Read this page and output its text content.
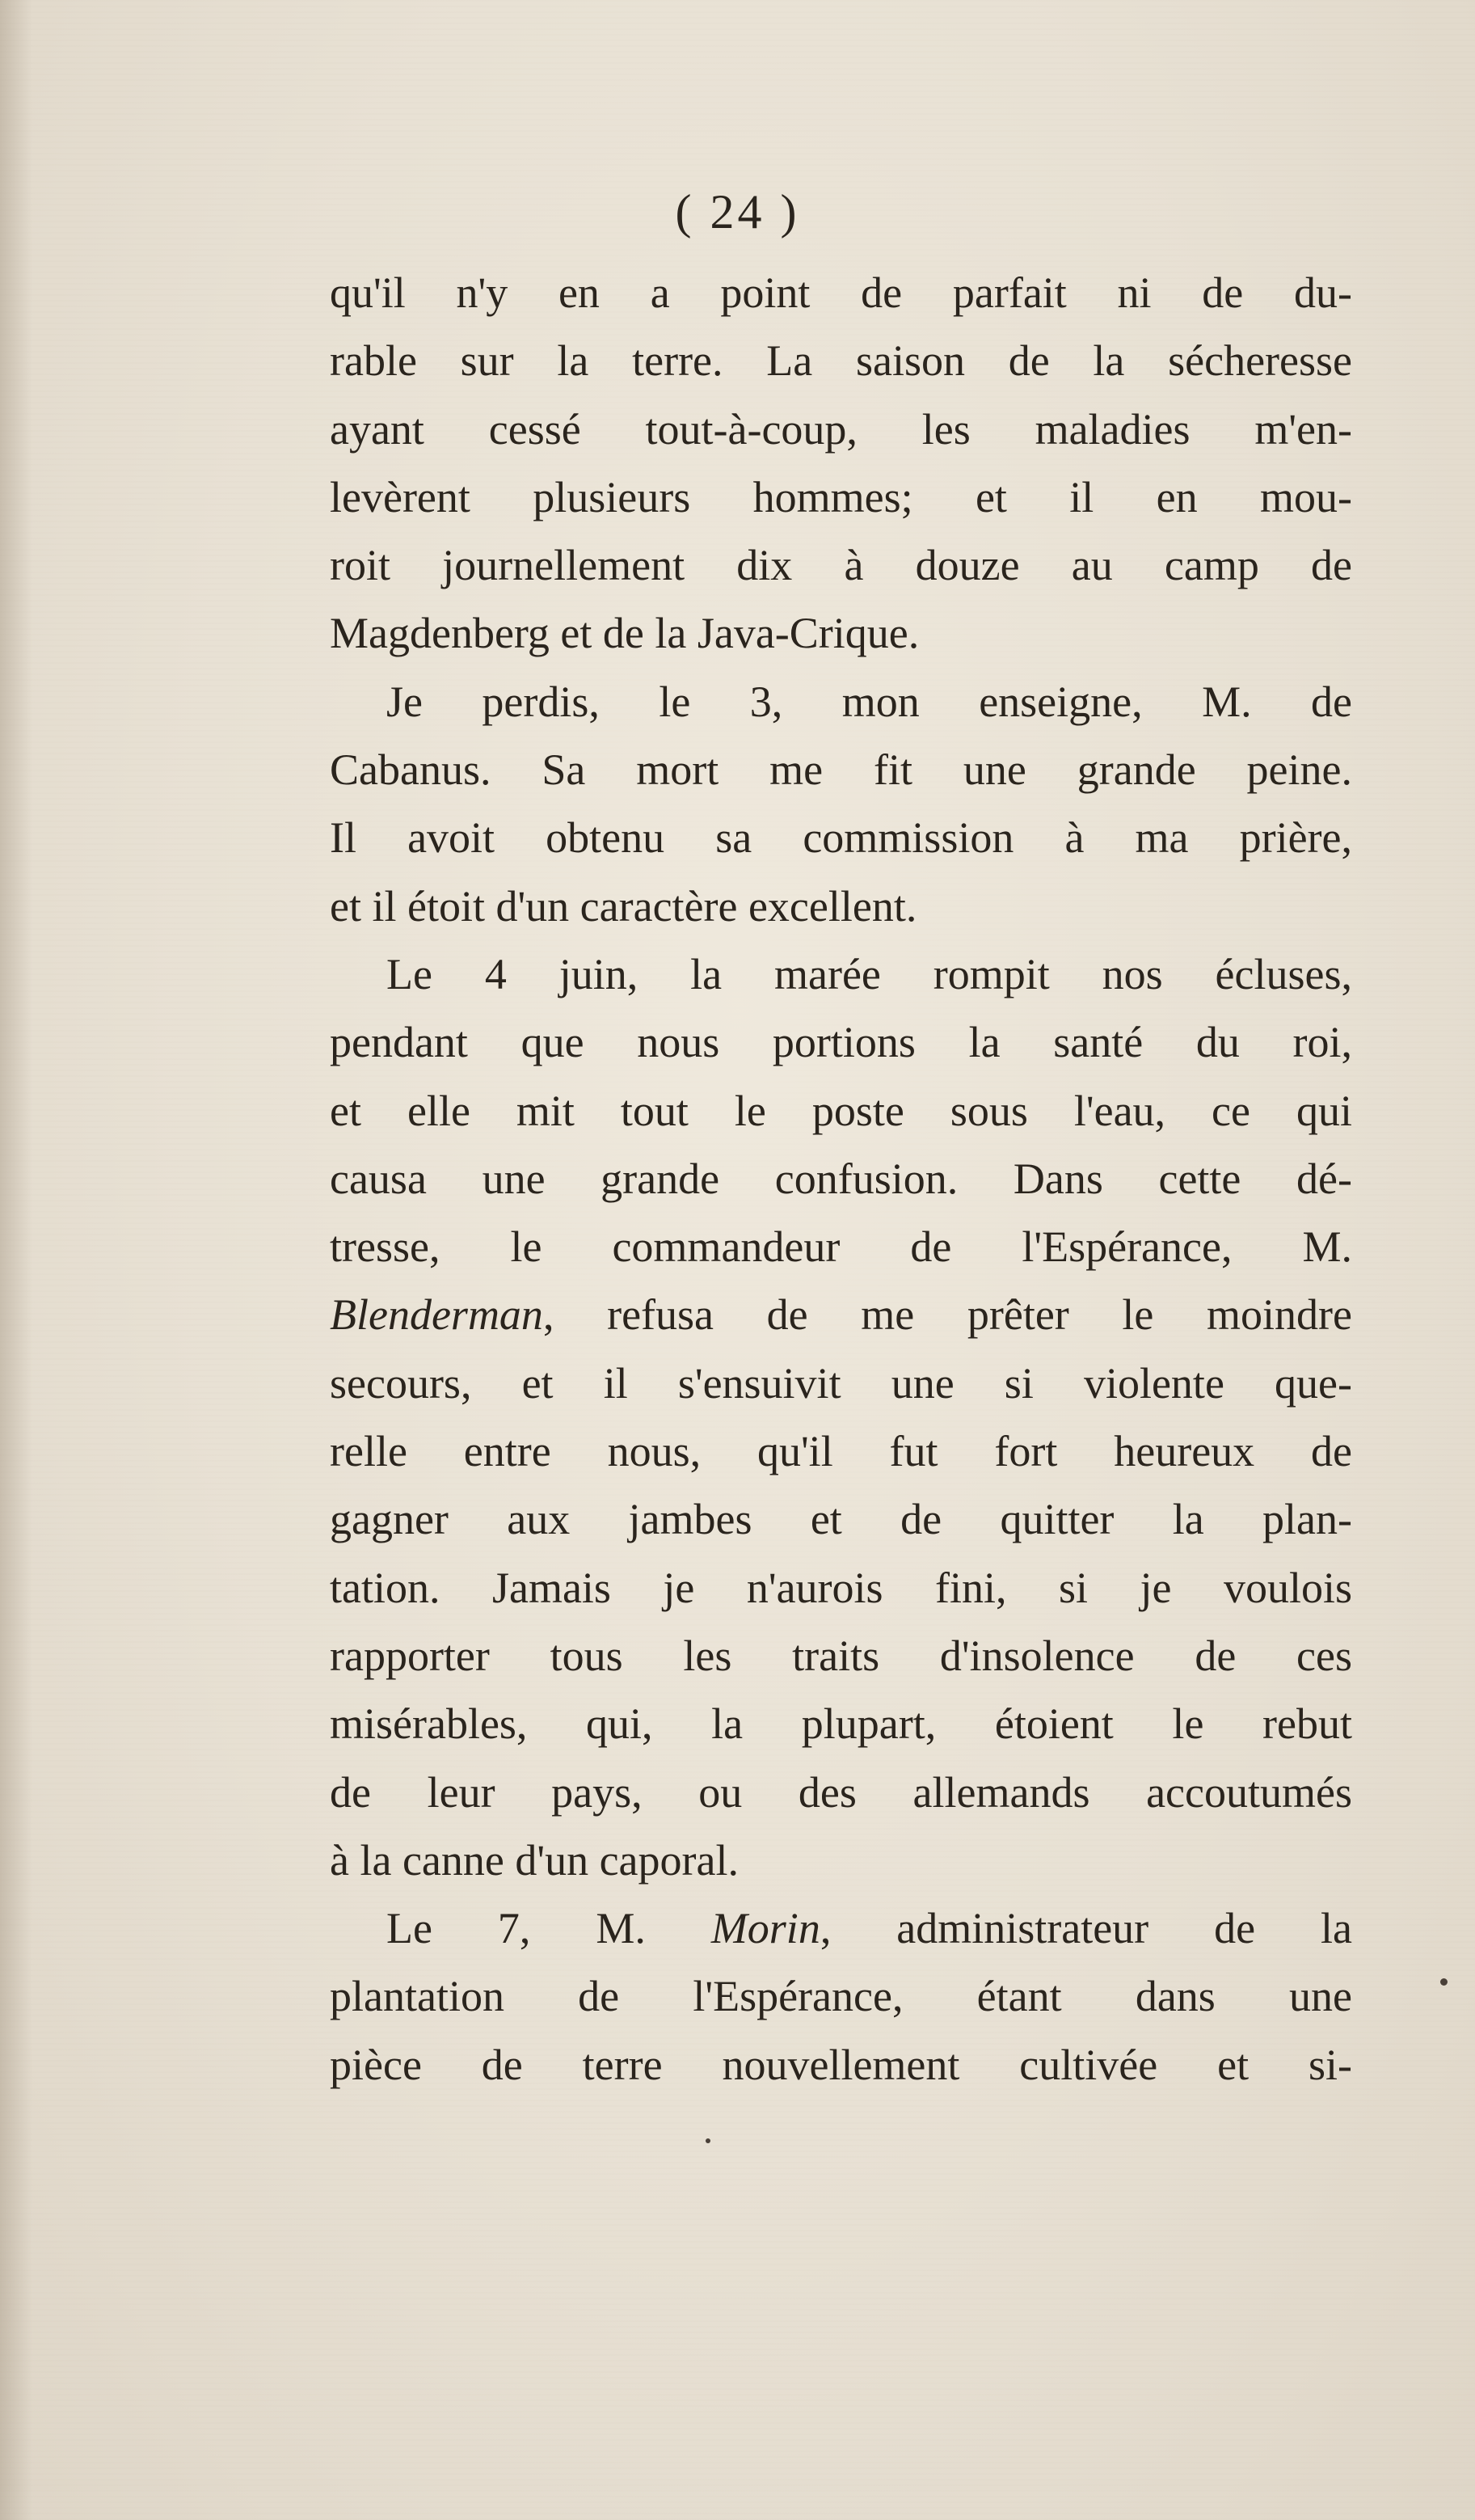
( 24 )
qu'il n'y en a point de parfait ni de du-
rable sur la terre. La saison de la sécheresse
ayant cessé tout-à-coup, les maladies m'en-
levèrent plusieurs hommes; et il en mou-
roit journellement dix à douze au camp de
Magdenberg et de la Java-Crique.
Je perdis, le 3, mon enseigne, M. de
Cabanus. Sa mort me fit une grande peine.
Il avoit obtenu sa commission à ma prière,
et il étoit d'un caractère excellent.
Le 4 juin, la marée rompit nos écluses,
pendant que nous portions la santé du roi,
et elle mit tout le poste sous l'eau, ce qui
causa une grande confusion. Dans cette dé-
tresse, le commandeur de l'Espérance, M.
Blenderman, refusa de me prêter le moindre
secours, et il s'ensuivit une si violente que-
relle entre nous, qu'il fut fort heureux de
gagner aux jambes et de quitter la plan-
tation. Jamais je n'aurois fini, si je voulois
rapporter tous les traits d'insolence de ces
misérables, qui, la plupart, étoient le rebut
de leur pays, ou des allemands accoutumés
à la canne d'un caporal.
Le 7, M. Morin, administrateur de la
plantation de l'Espérance, étant dans une
pièce de terre nouvellement cultivée et si-
